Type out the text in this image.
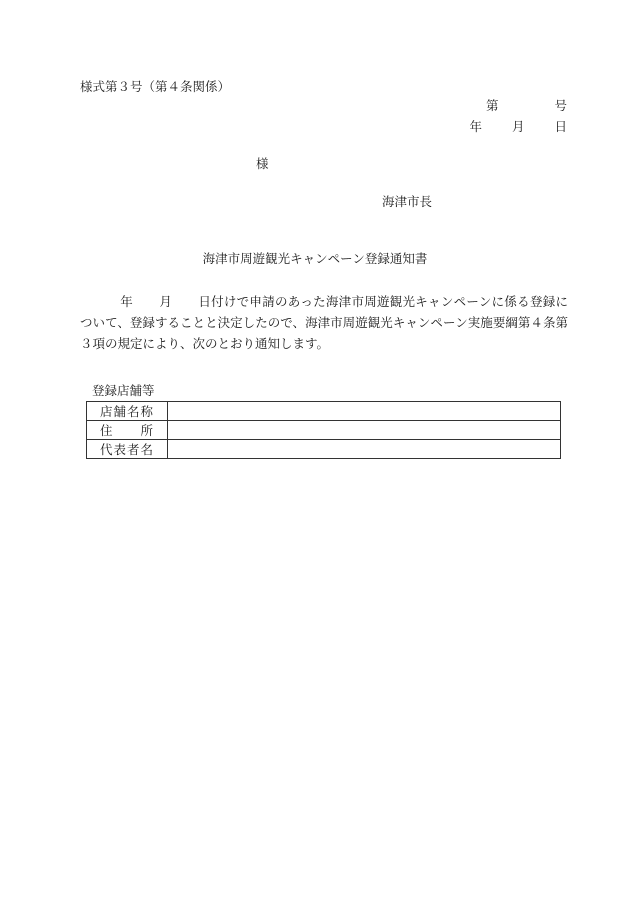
様式第３号（第４条関係）
第	号
年 月 日
様
海津市長
海津市周遊観光キャンペーン登録通知書
年 月 日付けで申請のあった海津市周遊観光キャンペーンに係る登録について、登録することと決定したので、海津市周遊観光キャンペーン実施要綱第４条第３項の規定により、次のとおり通知します。
登録店舗等
店舗名称	
住　　所	
代表者名	
